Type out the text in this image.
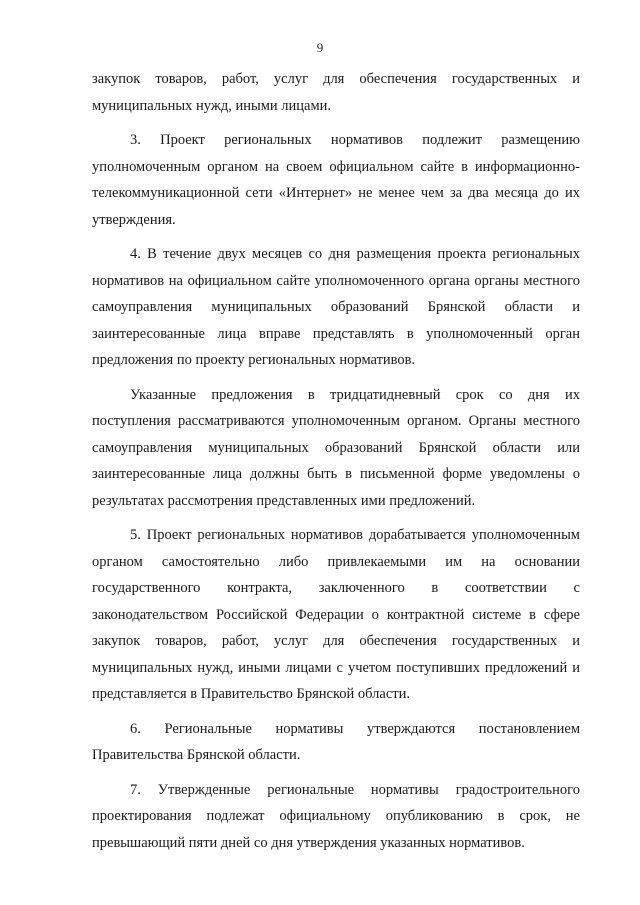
9

закупок товаров, работ, услуг для обеспечения государственных и муниципальных нужд, иными лицами.

3. Проект региональных нормативов подлежит размещению уполномоченным органом на своем официальном сайте в информационно-телекоммуникационной сети «Интернет» не менее чем за два месяца до их утверждения.

4. В течение двух месяцев со дня размещения проекта региональных нормативов на официальном сайте уполномоченного органа органы местного самоуправления муниципальных образований Брянской области и заинтересованные лица вправе представлять в уполномоченный орган предложения по проекту региональных нормативов.

Указанные предложения в тридцатидневный срок со дня их поступления рассматриваются уполномоченным органом. Органы местного самоуправления муниципальных образований Брянской области или заинтересованные лица должны быть в письменной форме уведомлены о результатах рассмотрения представленных ими предложений.

5. Проект региональных нормативов дорабатывается уполномоченным органом самостоятельно либо привлекаемыми им на основании государственного контракта, заключенного в соответствии с законодательством Российской Федерации о контрактной системе в сфере закупок товаров, работ, услуг для обеспечения государственных и муниципальных нужд, иными лицами с учетом поступивших предложений и представляется в Правительство Брянской области.

6. Региональные нормативы утверждаются постановлением Правительства Брянской области.

7. Утвержденные региональные нормативы градостроительного проектирования подлежат официальному опубликованию в срок, не превышающий пяти дней со дня утверждения указанных нормативов.
